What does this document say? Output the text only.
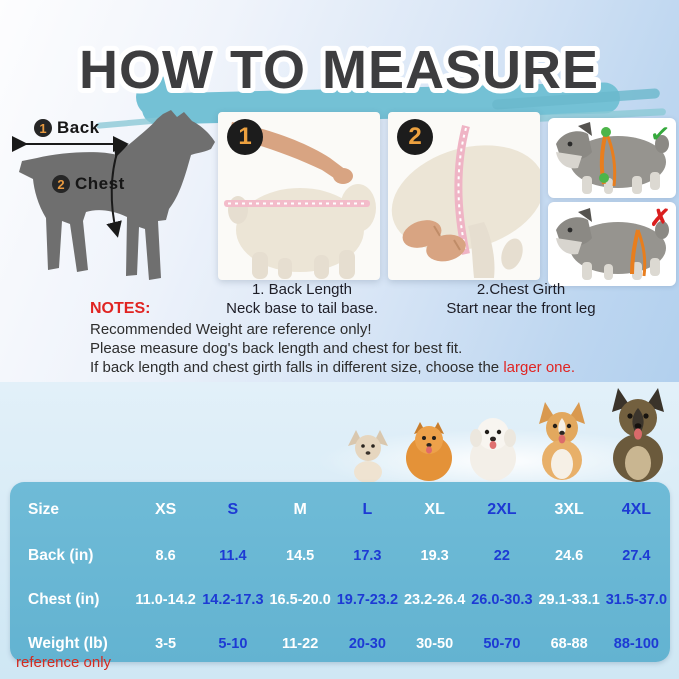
HOW TO MEASURE
1 Back
2 Chest
1	2	✓
✗
1. Back Length
Neck base to tail base.
2.Chest Girth
Start near the front leg
NOTES:
Recommended Weight are reference only!
Please measure dog's back length and chest for best fit.
If back length and chest girth falls in different size, choose the larger one.
Size	XS	S	M	L	XL	2XL	3XL	4XL
Back (in)	8.6	11.4	14.5	17.3	19.3	22	24.6	27.4
Chest (in)	11.0-14.2 14.2-17.3 16.5-20.0 19.7-23.2 23.2-26.4 26.0-30.3 29.1-33.1 31.5-37.0
Weight (lb)	3-5	5-10	11-22	20-30	30-50	50-70	68-88	88-100
reference only
